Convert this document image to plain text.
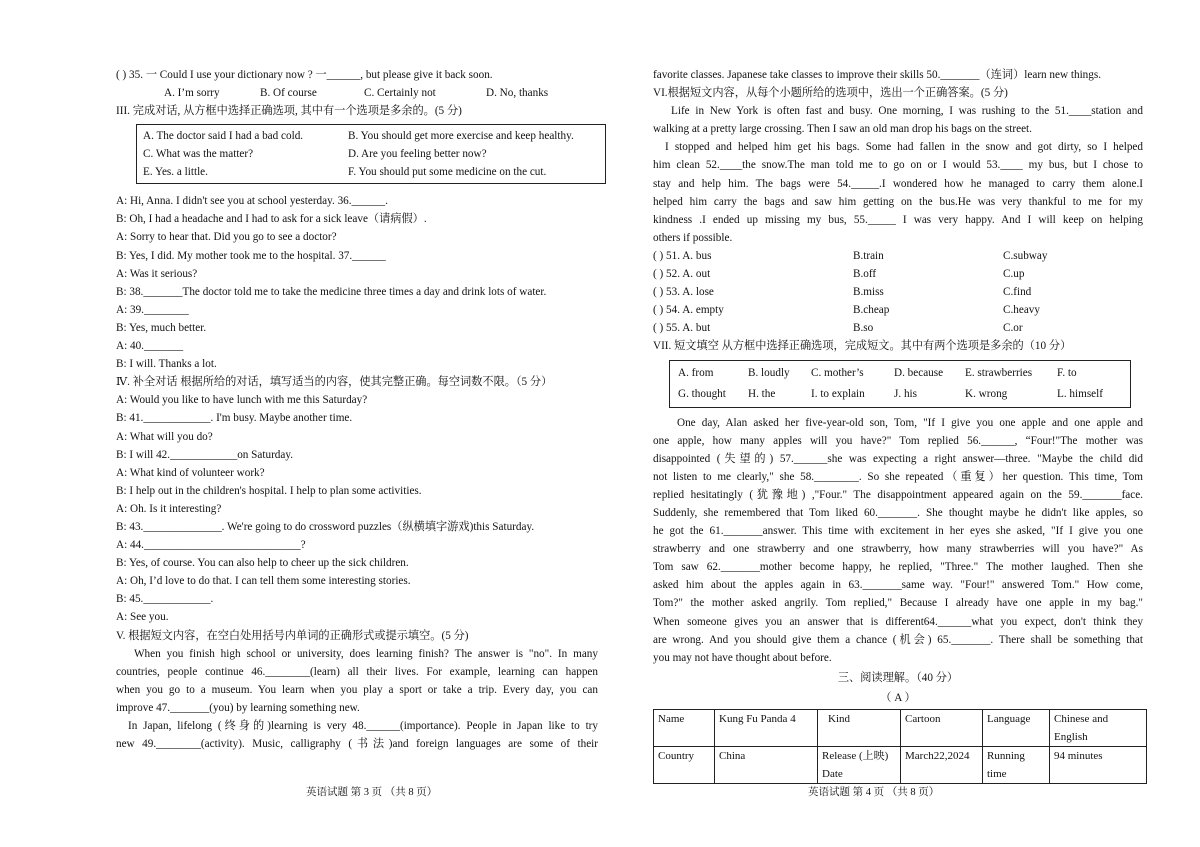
( ) 35. 一 Could I use your dictionary now ? 一______, but please give it back soon.
A. I’m sorry	B. Of course	C. Certainly not	D. No, thanks
III. 完成对话, 从方框中选择正确选项, 其中有一个选项是多余的。(5 分)
A. The doctor said I had a bad cold.	B. You should get more exercise and keep healthy.
C. What was the matter?	D. Are you feeling better now?
E. Yes. a little.	F. You should put some medicine on the cut.
A: Hi, Anna. I didn't see you at school yesterday. 36.______.
B: Oh, I had a headache and I had to ask for a sick leave（请病假）.
A: Sorry to hear that. Did you go to see a doctor?
B: Yes, I did. My mother took me to the hospital. 37.______
A: Was it serious?
B: 38._______The doctor told me to take the medicine three times a day and drink lots of water.
A: 39.________
B: Yes, much better.
A: 40._______
B: I will. Thanks a lot.
Ⅳ. 补全对话 根据所给的对话，填写适当的内容，使其完整正确。每空词数不限。（5 分）
A: Would you like to have lunch with me this Saturday?
B: 41.____________. I'm busy. Maybe another time.
A: What will you do?
B: I will 42.____________on Saturday.
A: What kind of volunteer work?
B: I help out in the children's hospital. I help to plan some activities.
A: Oh. Is it interesting?
B: 43.______________. We're going to do crossword puzzles（纵横填字游戏)this Saturday.
A: 44.____________________________?
B: Yes, of course. You can also help to cheer up the sick children.
A: Oh, I’d love to do that. I can tell them some interesting stories.
B: 45.____________.
A: See you.
V. 根据短文内容，在空白处用括号内单词的正确形式或提示填空。(5 分)
When you finish high school or university, does learning finish? The answer is "no". In many
countries, people continue 46.________(learn) all their lives. For example, learning can happen
when you go to a museum. You learn when you play a sport or take a trip. Every day, you can
improve 47._______(you) by learning something new.
In Japan, lifelong (终身的)learning is very 48.______(importance). People in Japan like to try
new 49.________(activity). Music, calligraphy (书法)and foreign languages are some of their
英语试题 第 3 页 （共 8 页）
favorite classes. Japanese take classes to improve their skills 50._______（连词）learn new things.
VI.根据短文内容，从每个小题所给的选项中，选出一个正确答案。(5 分)
Life in New York is often fast and busy. One morning, I was rushing to the 51.____station and
walking at a pretty large crossing. Then I saw an old man drop his bags on the street.
I stopped and helped him get his bags. Some had fallen in the snow and got dirty, so I helped
him clean 52.____the snow.The man told me to go on or I would 53.____ my bus, but I chose to
stay and help him. The bags were 54._____.I wondered how he managed to carry them alone.I
helped him carry the bags and saw him getting on the bus.He was very thankful to me for my
kindness .I ended up missing my bus, 55._____ I was very happy. And I will keep on helping
others if possible.
( ) 51. A. bus	B.train	C.subway
( ) 52. A. out	B.off	C.up
( ) 53. A. lose	B.miss	C.find
( ) 54. A. empty	B.cheap	C.heavy
( ) 55. A. but	B.so	C.or
VII. 短文填空 从方框中选择正确选项，完成短文。其中有两个选项是多余的（10 分）
A. from	B. loudly	C. mother’s	D. because	E. strawberries	F. to
G. thought	H. the	I. to explain	J. his	K. wrong	L. himself
One day, Alan asked her five-year-old son, Tom, "If I give you one apple and one apple and
one apple, how many apples will you have?" Tom replied 56.______, “Four!"The mother was
disappointed (失望的) 57.______she was expecting a right answer—three. "Maybe the child did
not listen to me clearly," she 58.________. So she repeated（重复）her question. This time, Tom
replied hesitatingly (犹豫地) ,"Four." The disappointment appeared again on the 59._______face.
Suddenly, she remembered that Tom liked 60._______. She thought maybe he didn't like apples, so
he got the 61._______answer. This time with excitement in her eyes she asked, "If I give you one
strawberry and one strawberry and one strawberry, how many strawberries will you have?" As
Tom saw 62._______mother become happy, he replied, "Three." The mother laughed. Then she
asked him about the apples again in 63._______same way. "Four!" answered Tom." How come,
Tom?" the mother asked angrily. Tom replied," Because I already have one apple in my bag."
When someone gives you an answer that is different64.______what you expect, don't think they
are wrong. And you should give them a chance (机会) 65._______. There shall be something that
you may not have thought about before.
三、阅读理解。（40 分）
（ A ）
Name	Kung Fu Panda 4	Kind	Cartoon	Language	Chinese and English
Country	China	Release (上映)Date	March22,2024	Running time	94 minutes
英语试题 第 4 页 （共 8 页）
